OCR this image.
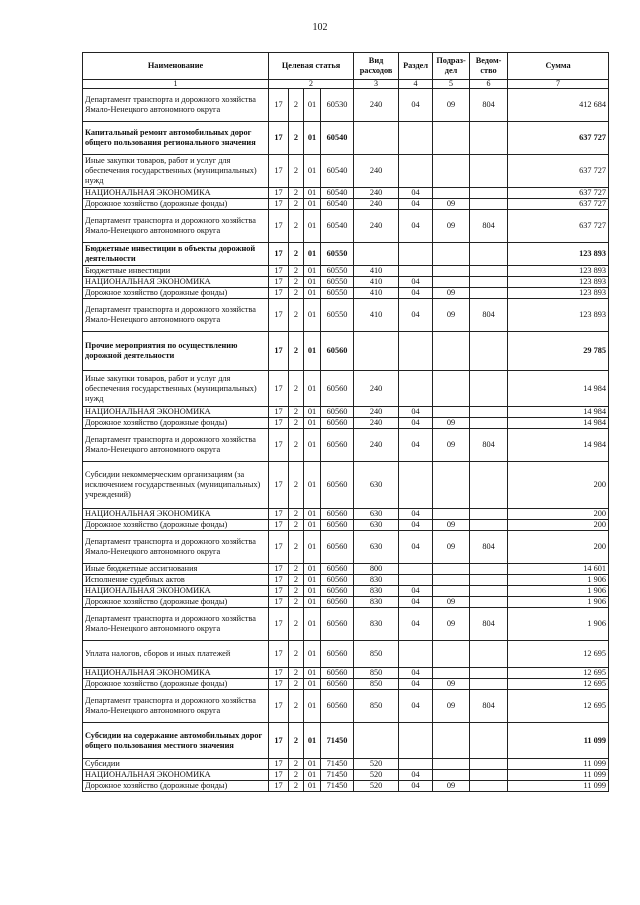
102
Наименование	Целевая статья				Вид расходов	Раздел	Подраз-дел	Ведом-ство	Сумма
1	2				3	4	5	6	7
Департамент транспорта и дорожного хозяйства Ямало-Ненецкого автономного округа	17	2	01	60530	240	04	09	804	412 684
Капитальный ремонт автомобильных дорог общего пользования регионального значения	17	2	01	60540					637 727
Иные закупки товаров, работ и услуг для обеспечения государственных (муниципальных) нужд	17	2	01	60540	240				637 727
НАЦИОНАЛЬНАЯ ЭКОНОМИКА	17	2	01	60540	240	04			637 727
Дорожное хозяйство (дорожные фонды)	17	2	01	60540	240	04	09		637 727
Департамент транспорта и дорожного хозяйства Ямало-Ненецкого автономного округа	17	2	01	60540	240	04	09	804	637 727
Бюджетные инвестиции в объекты дорожной деятельности	17	2	01	60550					123 893
Бюджетные инвестиции	17	2	01	60550	410				123 893
НАЦИОНАЛЬНАЯ ЭКОНОМИКА	17	2	01	60550	410	04			123 893
Дорожное хозяйство (дорожные фонды)	17	2	01	60550	410	04	09		123 893
Департамент транспорта и дорожного хозяйства Ямало-Ненецкого автономного округа	17	2	01	60550	410	04	09	804	123 893
Прочие мероприятия по осуществлению дорожной деятельности	17	2	01	60560					29 785
Иные закупки товаров, работ и услуг для обеспечения государственных (муниципальных) нужд	17	2	01	60560	240				14 984
НАЦИОНАЛЬНАЯ ЭКОНОМИКА	17	2	01	60560	240	04			14 984
Дорожное хозяйство (дорожные фонды)	17	2	01	60560	240	04	09		14 984
Департамент транспорта и дорожного хозяйства Ямало-Ненецкого автономного округа	17	2	01	60560	240	04	09	804	14 984
Субсидии некоммерческим организациям (за исключением государственных (муниципальных) учреждений)	17	2	01	60560	630				200
НАЦИОНАЛЬНАЯ ЭКОНОМИКА	17	2	01	60560	630	04			200
Дорожное хозяйство (дорожные фонды)	17	2	01	60560	630	04	09		200
Департамент транспорта и дорожного хозяйства Ямало-Ненецкого автономного округа	17	2	01	60560	630	04	09	804	200
Иные бюджетные ассигнования	17	2	01	60560	800				14 601
Исполнение судебных актов	17	2	01	60560	830				1 906
НАЦИОНАЛЬНАЯ ЭКОНОМИКА	17	2	01	60560	830	04			1 906
Дорожное хозяйство (дорожные фонды)	17	2	01	60560	830	04	09		1 906
Департамент транспорта и дорожного хозяйства Ямало-Ненецкого автономного округа	17	2	01	60560	830	04	09	804	1 906
Уплата налогов, сборов и иных платежей	17	2	01	60560	850				12 695
НАЦИОНАЛЬНАЯ ЭКОНОМИКА	17	2	01	60560	850	04			12 695
Дорожное хозяйство (дорожные фонды)	17	2	01	60560	850	04	09		12 695
Департамент транспорта и дорожного хозяйства Ямало-Ненецкого автономного округа	17	2	01	60560	850	04	09	804	12 695
Субсидии на содержание автомобильных дорог общего пользования местного значения	17	2	01	71450					11 099
Субсидии	17	2	01	71450	520				11 099
НАЦИОНАЛЬНАЯ ЭКОНОМИКА	17	2	01	71450	520	04			11 099
Дорожное хозяйство (дорожные фонды)	17	2	01	71450	520	04	09		11 099
